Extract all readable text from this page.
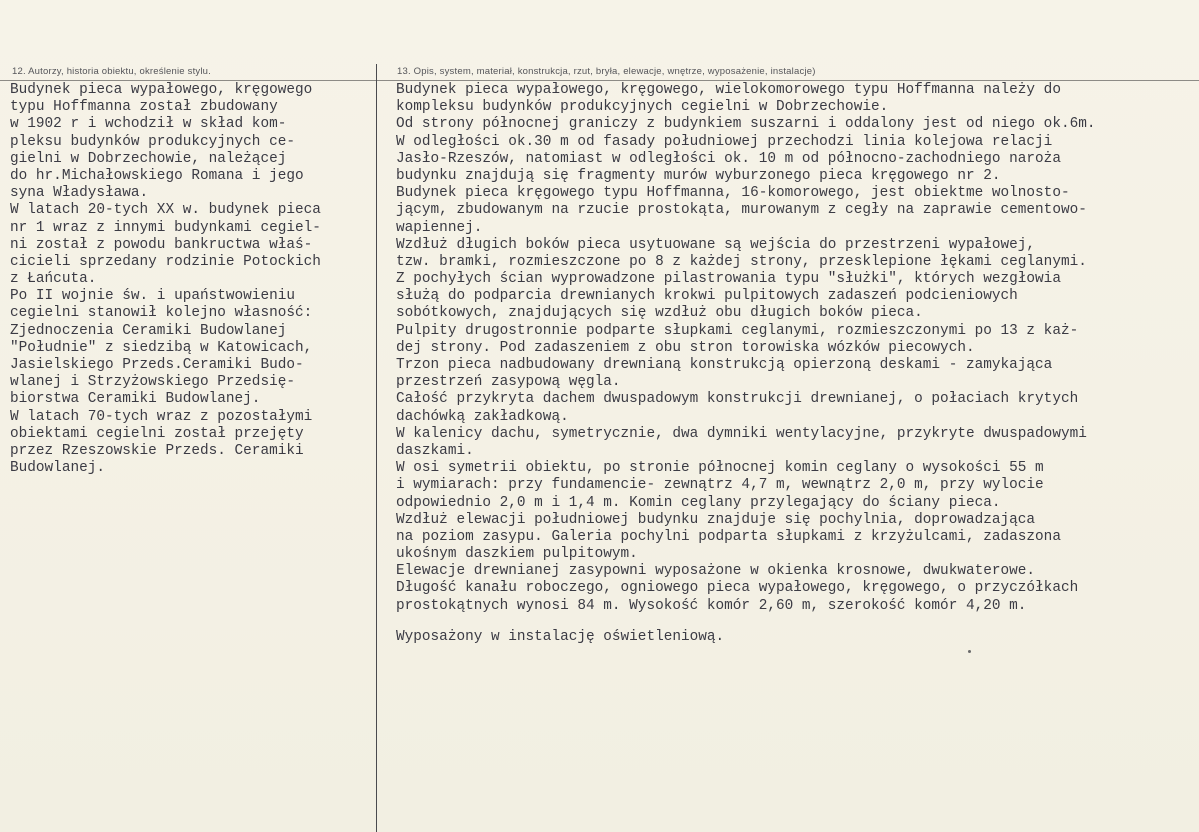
12. Autorzy, historia obiektu, określenie stylu.	13. Opis, system, materiał, konstrukcja, rzut, bryła, elewacje, wnętrze, wyposażenie, instalacje)
Budynek pieca wypałowego, kręgowego
typu Hoffmanna został zbudowany
w 1902 r i wchodził w skład kom-
pleksu budynków produkcyjnych ce-
gielni w Dobrzechowie, należącej
do hr.Michałowskiego Romana i jego
syna Władysława.
W latach 20-tych XX w. budynek pieca
nr 1 wraz z innymi budynkami cegiel-
ni został z powodu bankructwa właś-
cicieli sprzedany rodzinie Potockich
z Łańcuta.
Po II wojnie św. i upaństwowieniu
cegielni stanowił kolejno własność:
Zjednoczenia Ceramiki Budowlanej
"Południe" z siedzibą w Katowicach,
Jasielskiego Przeds.Ceramiki Budo-
wlanej i Strzyżowskiego Przedsię-
biorstwa Ceramiki Budowlanej.
W latach 70-tych wraz z pozostałymi
obiektami cegielni został przejęty
przez Rzeszowskie Przeds. Ceramiki
Budowlanej.
Budynek pieca wypałowego, kręgowego, wielokomorowego typu Hoffmanna należy do
kompleksu budynków produkcyjnych cegielni w Dobrzechowie.
Od strony północnej graniczy z budynkiem suszarni i oddalony jest od niego ok.6m.
W odległości ok.30 m od fasady południowej przechodzi linia kolejowa relacji
Jasło-Rzeszów, natomiast w odległości ok. 10 m od północno-zachodniego naroża
budynku znajdują się fragmenty murów wyburzonego pieca kręgowego nr 2.
Budynek pieca kręgowego typu Hoffmanna, 16-komorowego, jest obiektme wolnosto-
jącym, zbudowanym na rzucie prostokąta, murowanym z cegły na zaprawie cementowo-
wapiennej.
Wzdłuż długich boków pieca usytuowane są wejścia do przestrzeni wypałowej,
tzw. bramki, rozmieszczone po 8 z każdej strony, przesklepione łękami ceglanymi.
Z pochyłych ścian wyprowadzone pilastrowania typu "służki", których wezgłowia
służą do podparcia drewnianych krokwi pulpitowych zadaszeń podcieniowych
sobótkowych, znajdujących się wzdłuż obu długich boków pieca.
Pulpity drugostronnie podparte słupkami ceglanymi, rozmieszczonymi po 13 z każ-
dej strony. Pod zadaszeniem z obu stron torowiska wózków piecowych.
Trzon pieca nadbudowany drewnianą konstrukcją opierzoną deskami - zamykająca
przestrzeń zasypową węgla.
Całość przykryta dachem dwuspadowym konstrukcji drewnianej, o połaciach krytych
dachówką zakładkową.
W kalenicy dachu, symetrycznie, dwa dymniki wentylacyjne, przykryte dwuspadowymi
daszkami.
W osi symetrii obiektu, po stronie północnej komin ceglany o wysokości 55 m
i wymiarach: przy fundamencie- zewnątrz 4,7 m, wewnątrz 2,0 m, przy wylocie
odpowiednio 2,0 m i 1,4 m. Komin ceglany przylegający do ściany pieca.
Wzdłuż elewacji południowej budynku znajduje się pochylnia, doprowadzająca
na poziom zasypu. Galeria pochylni podparta słupkami z krzyżulcami, zadaszona
ukośnym daszkiem pulpitowym.
Elewacje drewnianej zasypowni wyposażone w okienka krosnowe, dwukwaterowe.
Długość kanału roboczego, ogniowego pieca wypałowego, kręgowego, o przyczółkach
prostokątnych wynosi 84 m. Wysokość komór 2,60 m, szerokość komór 4,20 m.
Wyposażony w instalację oświetleniową.
